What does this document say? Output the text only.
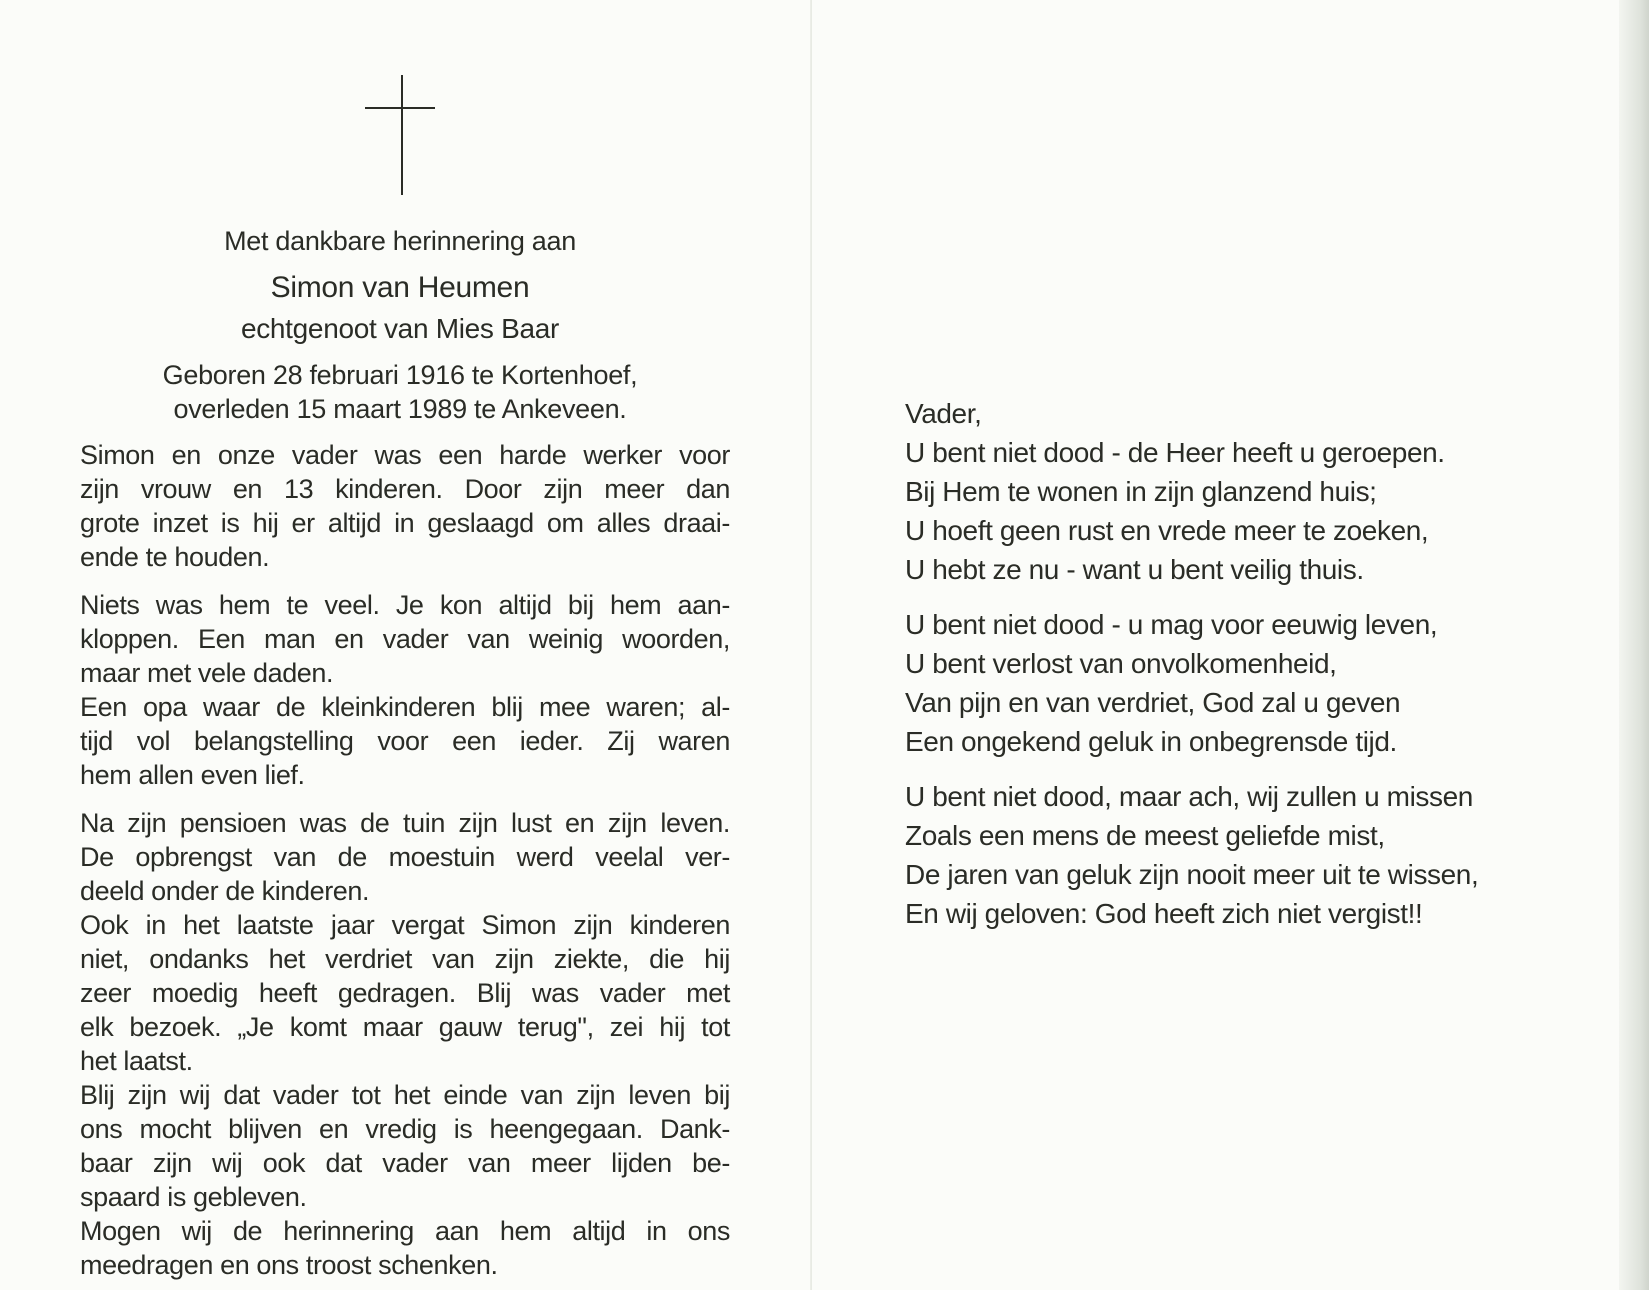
Met dankbare herinnering aan
Simon van Heumen
echtgenoot van Mies Baar
Geboren 28 februari 1916 te Kortenhoef,
overleden 15 maart 1989 te Ankeveen.
Simon en onze vader was een harde werker voor
zijn vrouw en 13 kinderen. Door zijn meer dan
grote inzet is hij er altijd in geslaagd om alles draai-
ende te houden.
Niets was hem te veel. Je kon altijd bij hem aan-
kloppen. Een man en vader van weinig woorden,
maar met vele daden.
Een opa waar de kleinkinderen blij mee waren; al-
tijd vol belangstelling voor een ieder. Zij waren
hem allen even lief.
Na zijn pensioen was de tuin zijn lust en zijn leven.
De opbrengst van de moestuin werd veelal ver-
deeld onder de kinderen.
Ook in het laatste jaar vergat Simon zijn kinderen
niet, ondanks het verdriet van zijn ziekte, die hij
zeer moedig heeft gedragen. Blij was vader met
elk bezoek. „Je komt maar gauw terug", zei hij tot
het laatst.
Blij zijn wij dat vader tot het einde van zijn leven bij
ons mocht blijven en vredig is heengegaan. Dank-
baar zijn wij ook dat vader van meer lijden be-
spaard is gebleven.
Mogen wij de herinnering aan hem altijd in ons
meedragen en ons troost schenken.
Vader,
U bent niet dood - de Heer heeft u geroepen.
Bij Hem te wonen in zijn glanzend huis;
U hoeft geen rust en vrede meer te zoeken,
U hebt ze nu - want u bent veilig thuis.
U bent niet dood - u mag voor eeuwig leven,
U bent verlost van onvolkomenheid,
Van pijn en van verdriet, God zal u geven
Een ongekend geluk in onbegrensde tijd.
U bent niet dood, maar ach, wij zullen u missen
Zoals een mens de meest geliefde mist,
De jaren van geluk zijn nooit meer uit te wissen,
En wij geloven: God heeft zich niet vergist!!
